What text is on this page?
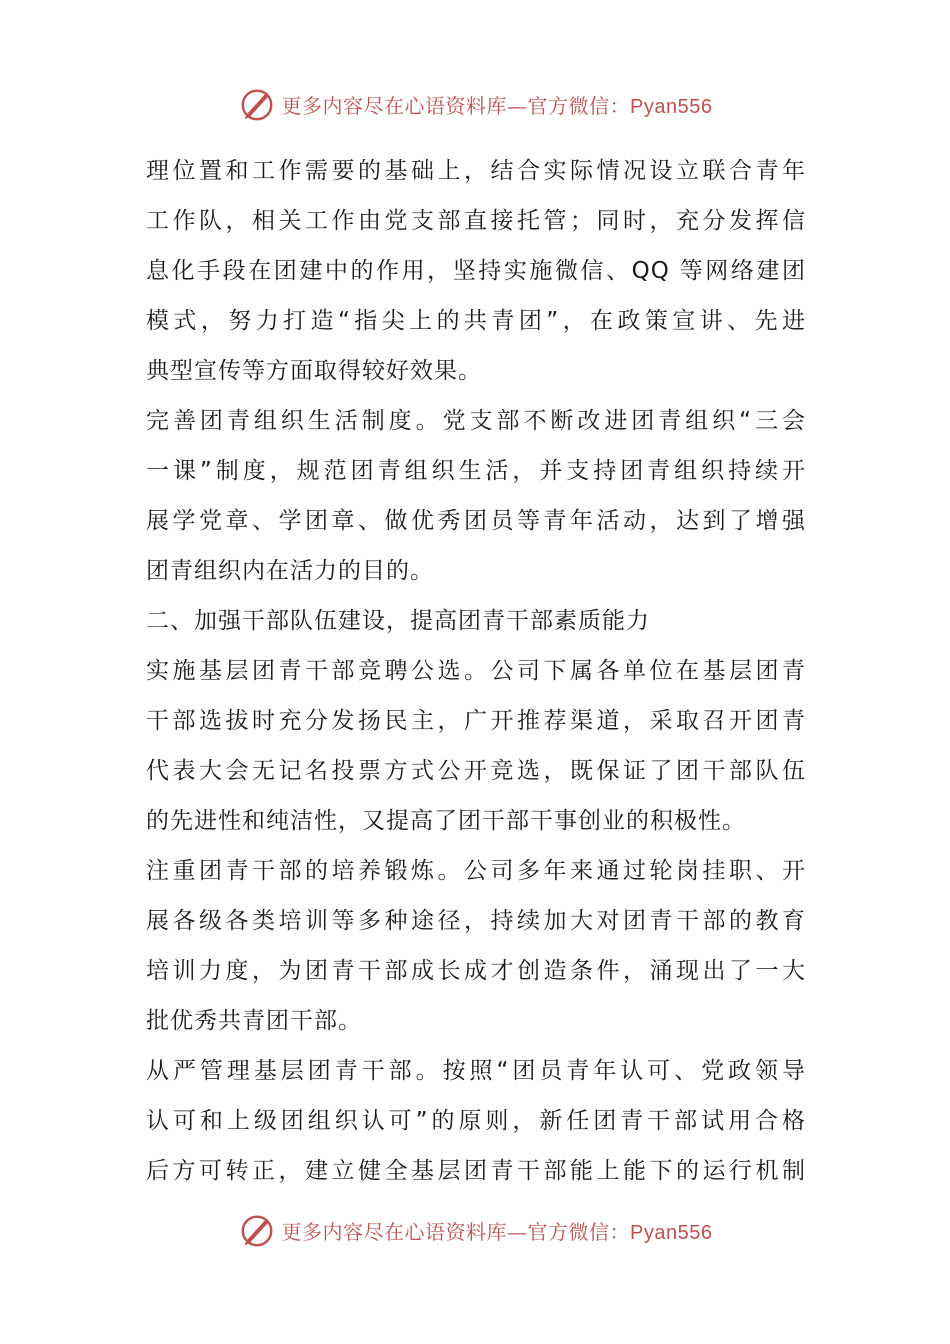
更多内容尽在心语资料库—官方微信：Pyan556
理位置和工作需要的基础上，结合实际情况设立联合青年
工作队，相关工作由党支部直接托管；同时，充分发挥信
息化手段在团建中的作用，坚持实施微信、QQ 等网络建团
模式，努力打造“指尖上的共青团”，在政策宣讲、先进
典型宣传等方面取得较好效果。
完善团青组织生活制度。党支部不断改进团青组织“三会
一课”制度，规范团青组织生活，并支持团青组织持续开
展学党章、学团章、做优秀团员等青年活动，达到了增强
团青组织内在活力的目的。
二、加强干部队伍建设，提高团青干部素质能力
实施基层团青干部竞聘公选。公司下属各单位在基层团青
干部选拔时充分发扬民主，广开推荐渠道，采取召开团青
代表大会无记名投票方式公开竞选，既保证了团干部队伍
的先进性和纯洁性，又提高了团干部干事创业的积极性。
注重团青干部的培养锻炼。公司多年来通过轮岗挂职、开
展各级各类培训等多种途径，持续加大对团青干部的教育
培训力度，为团青干部成长成才创造条件，涌现出了一大
批优秀共青团干部。
从严管理基层团青干部。按照“团员青年认可、党政领导
认可和上级团组织认可”的原则，新任团青干部试用合格
后方可转正，建立健全基层团青干部能上能下的运行机制
更多内容尽在心语资料库—官方微信：Pyan556
